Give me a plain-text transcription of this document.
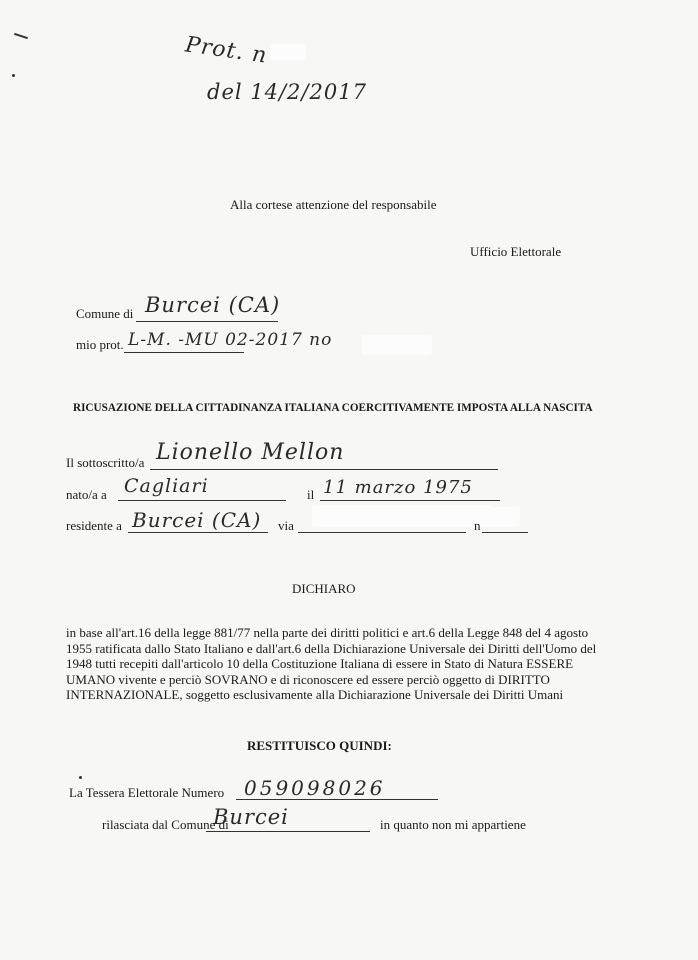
Prot. n
del 14/2/2017
Alla cortese attenzione del responsabile
Ufficio Elettorale
Comune di Burcei (CA)
mio prot. L-M. -MU 02-2017 no
RICUSAZIONE DELLA CITTADINANZA ITALIANA COERCITIVAMENTE IMPOSTA ALLA NASCITA
Il sottoscritto/a Lionello Mellon
nato/a a Cagliari	il 11 marzo 1975
residente a Burcei (CA) via	n
DICHIARO
in base all'art.16 della legge 881/77 nella parte dei diritti politici e art.6 della Legge 848 del 4 agosto 1955 ratificata dallo Stato Italiano e dall'art.6 della Dichiarazione Universale dei Diritti dell'Uomo del 1948 tutti recepiti dall'articolo 10 della Costituzione Italiana di essere in Stato di Natura ESSERE UMANO vivente e perciò SOVRANO e di riconoscere ed essere perciò oggetto di DIRITTO INTERNAZIONALE, soggetto esclusivamente alla Dichiarazione Universale dei Diritti Umani
RESTITUISCO QUINDI:
La Tessera Elettorale Numero 059098026
rilasciata dal Comune di
Burcei	in quanto non mi appartiene
